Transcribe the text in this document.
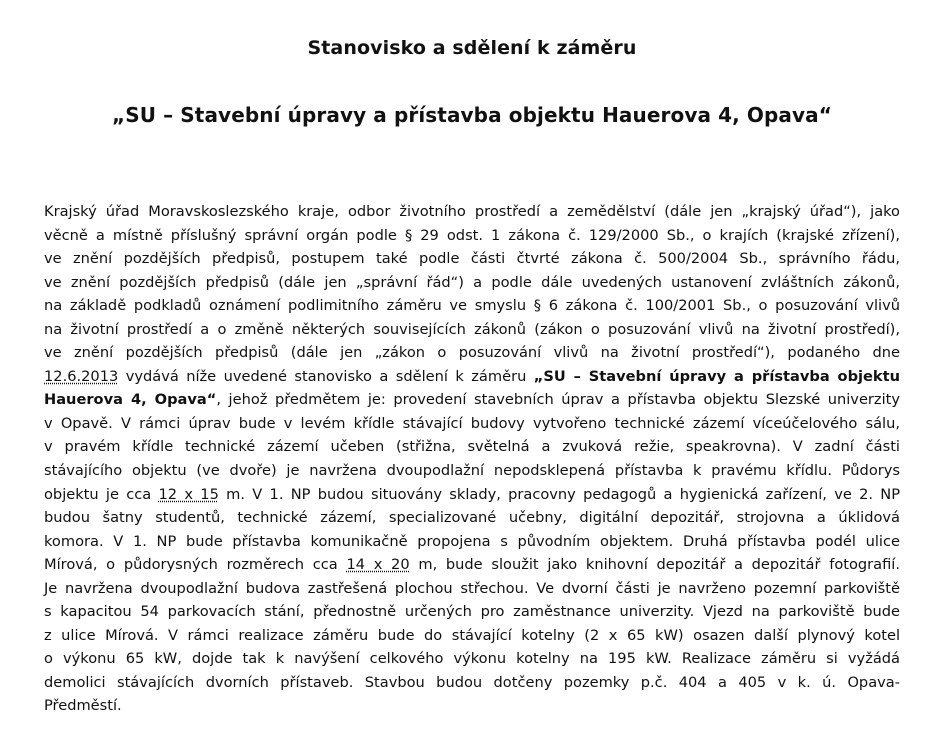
Stanovisko a sdělení k záměru
„SU – Stavební úpravy a přístavba objektu Hauerova 4, Opava“
Krajský úřad Moravskoslezského kraje, odbor životního prostředí a zemědělství (dále jen „krajský úřad“), jako
věcně a místně příslušný správní orgán podle § 29 odst. 1 zákona č. 129/2000 Sb., o krajích (krajské zřízení),
ve znění pozdějších předpisů, postupem také podle části čtvrté zákona č. 500/2004 Sb., správního řádu,
ve znění pozdějších předpisů (dále jen „správní řád“) a podle dále uvedených ustanovení zvláštních zákonů,
na základě podkladů oznámení podlimitního záměru ve smyslu § 6 zákona č. 100/2001 Sb., o posuzování vlivů
na životní prostředí a o změně některých souvisejících zákonů (zákon o posuzování vlivů na životní prostředí),
ve znění pozdějších předpisů (dále jen „zákon o posuzování vlivů na životní prostředí“), podaného dne
12.6.2013 vydává níže uvedené stanovisko a sdělení k záměru „SU – Stavební úpravy a přístavba objektu
Hauerova 4, Opava“, jehož předmětem je: provedení stavebních úprav a přístavba objektu Slezské univerzity
v Opavě. V rámci úprav bude v levém křídle stávající budovy vytvořeno technické zázemí víceúčelového sálu,
v pravém křídle technické zázemí učeben (střižna, světelná a zvuková režie, speakrovna). V zadní části
stávajícího objektu (ve dvoře) je navržena dvoupodlažní nepodsklepená přístavba k pravému křídlu. Půdorys
objektu je cca 12 x 15 m. V 1. NP budou situovány sklady, pracovny pedagogů a hygienická zařízení, ve 2. NP
budou šatny studentů, technické zázemí, specializované učebny, digitální depozitář, strojovna a úklidová
komora. V 1. NP bude přístavba komunikačně propojena s původním objektem. Druhá přístavba podél ulice
Mírová, o půdorysných rozměrech cca 14 x 20 m, bude sloužit jako knihovní depozitář a depozitář fotografií.
Je navržena dvoupodlažní budova zastřešená plochou střechou. Ve dvorní části je navrženo pozemní parkoviště
s kapacitou 54 parkovacích stání, přednostně určených pro zaměstnance univerzity. Vjezd na parkoviště bude
z ulice Mírová. V rámci realizace záměru bude do stávající kotelny (2 x 65 kW) osazen další plynový kotel
o výkonu 65 kW, dojde tak k navýšení celkového výkonu kotelny na 195 kW. Realizace záměru si vyžádá
demolici stávajících dvorních přístaveb. Stavbou budou dotčeny pozemky p.č. 404 a 405 v k. ú. Opava-
Předměstí.
